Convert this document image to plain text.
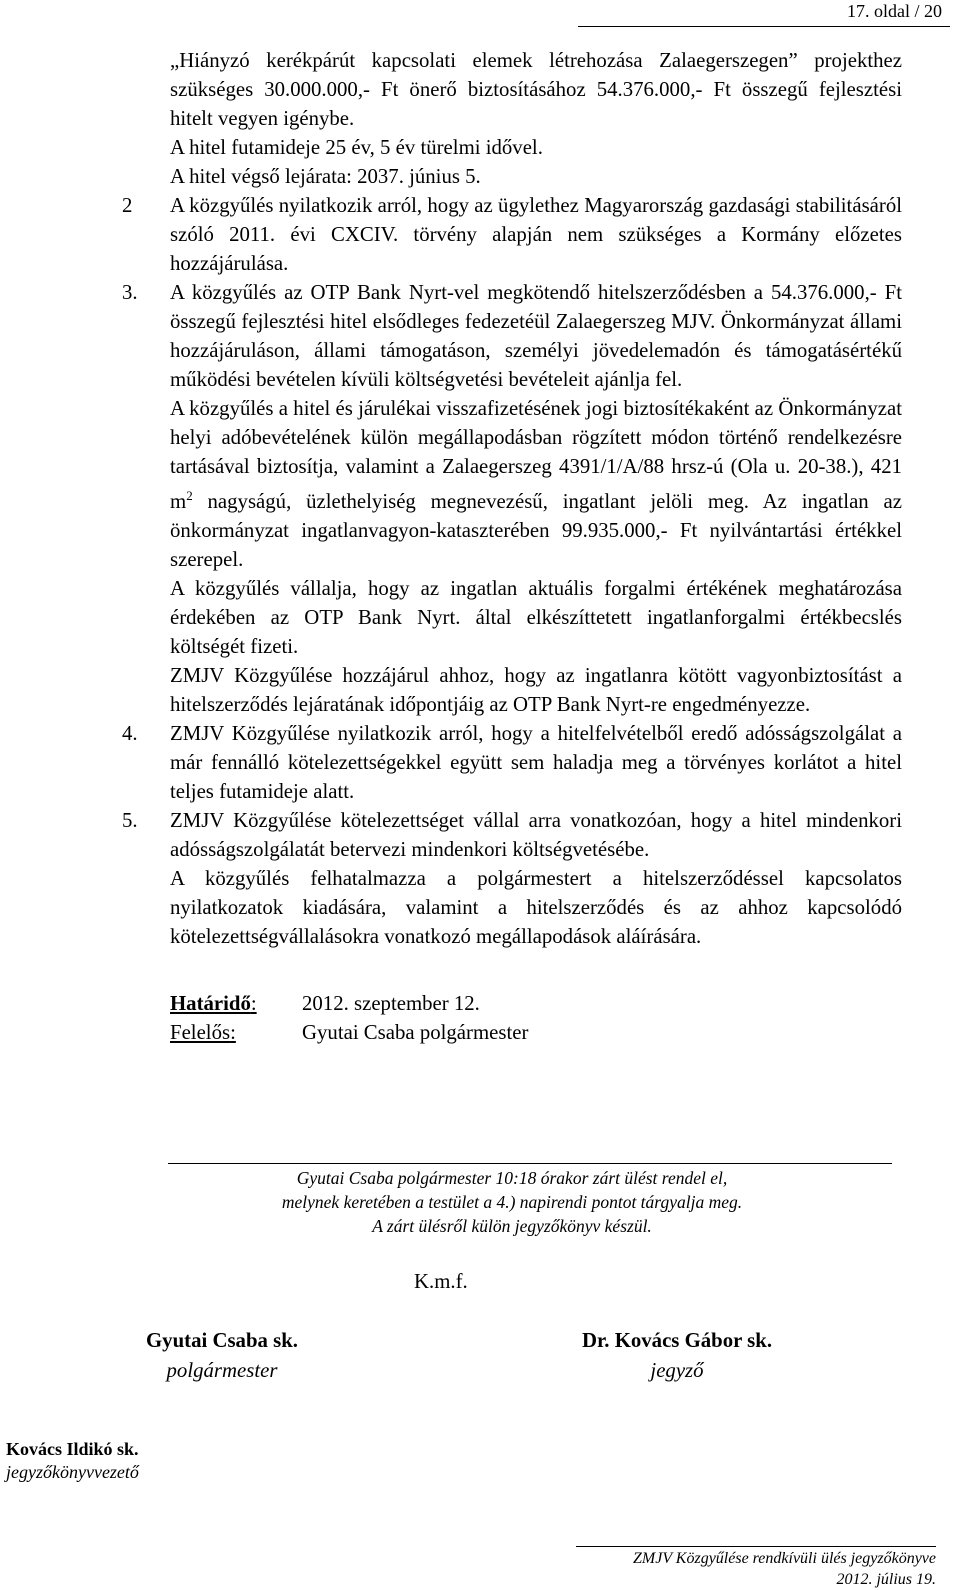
17. oldal / 20

„Hiányzó kerékpárút kapcsolati elemek létrehozása Zalaegerszegen” projekthez szükséges 30.000.000,- Ft önerő biztosításához 54.376.000,- Ft összegű fejlesztési hitelt vegyen igénybe.

A hitel futamideje 25 év, 5 év türelmi idővel.

A hitel végső lejárata: 2037. június 5.

2 A közgyűlés nyilatkozik arról, hogy az ügylethez Magyarország gazdasági stabilitásáról szóló 2011. évi CXCIV. törvény alapján nem szükséges a Kormány előzetes hozzájárulása.
3. A közgyűlés az OTP Bank Nyrt-vel megkötendő hitelszerződésben a 54.376.000,- Ft összegű fejlesztési hitel elsődleges fedezetéül Zalaegerszeg MJV. Önkormányzat állami hozzájáruláson, állami támogatáson, személyi jövedelemadón és támogatásértékű működési bevételen kívüli költségvetési bevételeit ajánlja fel.

A közgyűlés a hitel és járulékai visszafizetésének jogi biztosítékaként az Önkormányzat helyi adóbevételének külön megállapodásban rögzített módon történő rendelkezésre tartásával biztosítja, valamint a Zalaegerszeg 4391/1/A/88 hrsz-ú (Ola u. 20-38.), 421 $m^2$ nagyságú, üzlethelyiség megnevezésű, ingatlant jelöli meg. Az ingatlan az önkormányzat ingatlanvagyon-kataszterében 99.935.000,- Ft nyilvántartási értékkel szerepel.

A közgyűlés vállalja, hogy az ingatlan aktuális forgalmi értékének meghatározása érdekében az OTP Bank Nyrt. által elkészíttetett ingatlanforgalmi értékbecslés költségét fizeti.

ZMJV Közgyűlése hozzájárul ahhoz, hogy az ingatlanra kötött vagyonbiztosítást a hitelszerződés lejáratának időpontjáig az OTP Bank Nyrt-re engedményezze.

4. ZMJV Közgyűlése nyilatkozik arról, hogy a hitelfelvételből eredő adósságszolgálat a már fennálló kötelezettségekkel együtt sem haladja meg a törvényes korlátot a hitel teljes futamideje alatt.
5. ZMJV Közgyűlése kötelezettséget vállal arra vonatkozóan, hogy a hitel mindenkori adósságszolgálatát betervezi mindenkori költségvetésébe.

A közgyűlés felhatalmazza a polgármestert a hitelszerződéssel kapcsolatos nyilatkozatok kiadására, valamint a hitelszerződés és az ahhoz kapcsolódó kötelezettségvállalásokra vonatkozó megállapodások aláírására.

Határidő:	2012. szeptember 12.
Felelős:	Gyutai Csaba polgármester
Gyutai Csaba polgármester 10:18 órakor zárt ülést rendel el,
melynek keretében a testület a 4.) napirendi pontot tárgyalja meg.
A zárt ülésről külön jegyzőkönyv készül.
K.m.f.
Gyutai Csaba sk.
polgármester
Dr. Kovács Gábor sk.
jegyző
Kovács Ildikó sk.
jegyzőkönyvvezető
ZMJV Közgyűlése rendkívüli ülés jegyzőkönyve
2012. július 19.
